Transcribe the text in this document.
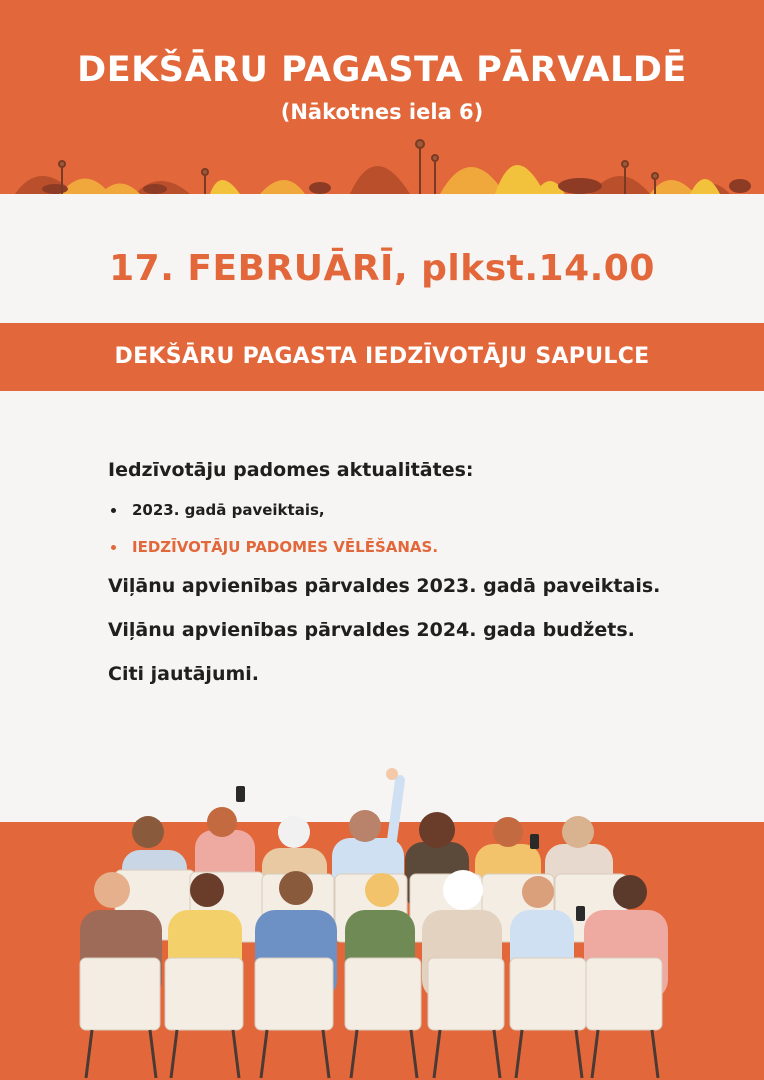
DEKŠĀRU PAGASTA PĀRVALDĒ
(Nākotnes iela 6)
17. FEBRUĀRĪ, plkst.14.00
DEKŠĀRU PAGASTA IEDZĪVOTĀJU SAPULCE
Iedzīvotāju padomes aktualitātes:
2023. gadā paveiktais,
IEDZĪVOTĀJU PADOMES VĒLĒŠANAS.
Viļānu apvienības pārvaldes 2023. gadā paveiktais.
Viļānu apvienības pārvaldes 2024. gada budžets.
Citi jautājumi.
